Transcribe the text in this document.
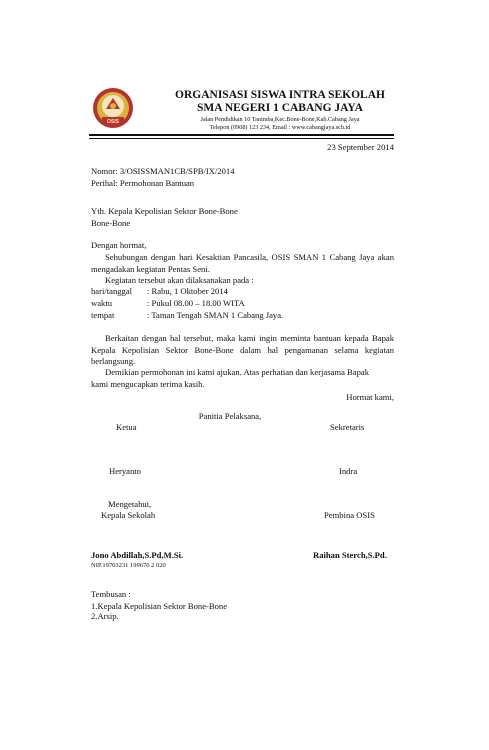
OSIS
ORGANISASI SISWA INTRA SEKOLAH
SMA NEGERI 1 CABANG JAYA
Jalan Pendidikan 10 Tanimba,Kec.Bone-Bone,Kab.Cabang Jaya
Telepon (0908) 123 234, Email : www.cabangjaya.sch.id
23 September 2014
Nomor: 3/OSISSMAN1CB/SPB/IX/2014
Perihal: Permohonan Bantuan
Yth. Kepala Kepolisian Sektor Bone-Bone
Bone-Bone
Dengan hormat,
Sehubungan dengan hari Kesaktian Pancasila, OSIS SMAN 1 Cabang Jaya akan mengadakan kegiatan Pentas Seni.
Kegiatan tersebut akan dilaksanakan pada :
hari/tanggal : Rabu, 1 Oktober 2014
waktu	: Pukul 08.00 – 18.00 WITA
tempat	: Taman Tengah SMAN 1 Cabang Jaya.
Berkaitan dengan hal tersebut, maka kami ingin meminta bantuan kepada Bapak Kepala Kepolisian Sektor Bone-Bone dalam hal pengamanan selama kegiatan berlangsung.
Demikian permohonan ini kami ajukan. Atas perhatian dan kerjasama Bapak kami mengucapkan terima kasih.
Hormat kami,
Panitia Pelaksana,
Ketua	Sekretaris
Heryanto	Indra
Mengetahui,
Kepala Sekolah	Pembina OSIS
Jono Abdillah,S.Pd,M.Si.
NIP.19703231 199676 2 020
Raihan Sterch,S.Pd.
Tembusan :
1.Kepala Kepolisian Sektor Bone-Bone
2.Arsip.
